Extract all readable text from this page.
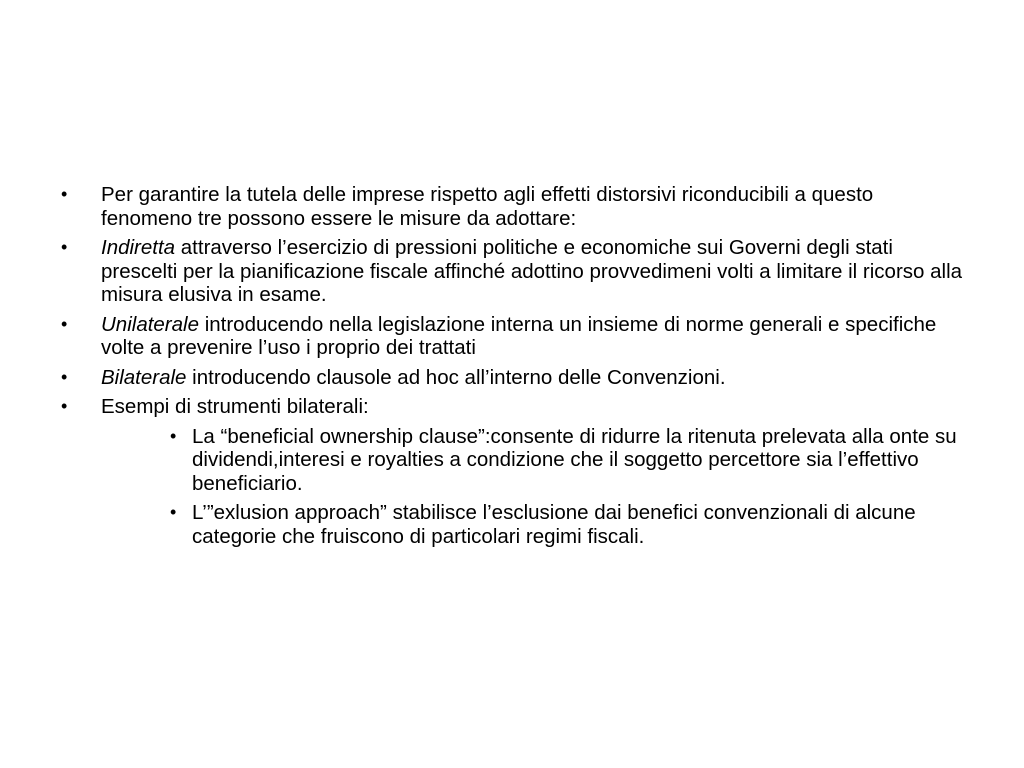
• Per garantire la tutela delle imprese rispetto agli effetti distorsivi riconducibili a questo fenomeno tre possono essere le misure da adottare:
• Indiretta attraverso l’esercizio di pressioni politiche e economiche sui Governi degli stati prescelti per la pianificazione fiscale affinché adottino provvedimeni volti a limitare il ricorso alla misura elusiva in esame.
• Unilaterale introducendo nella legislazione interna un insieme di norme generali e specifiche volte a prevenire l’uso i proprio dei trattati
• Bilaterale introducendo clausole ad hoc all’interno delle Convenzioni.
• Esempi di strumenti bilaterali:
• La “beneficial ownership clause”:consente di ridurre la ritenuta prelevata alla onte su dividendi,interesi e royalties a condizione che il soggetto percettore sia l’effettivo beneficiario.
• L’”exlusion approach” stabilisce l’esclusione dai benefici convenzionali di alcune categorie che fruiscono di particolari regimi fiscali.
